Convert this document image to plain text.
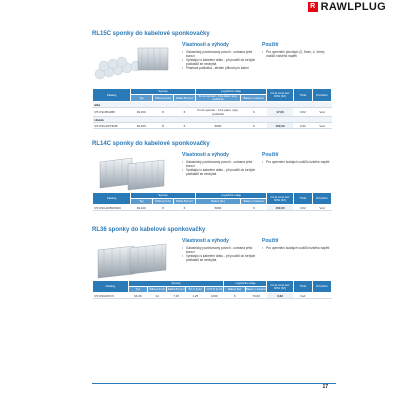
R RAWLPLUG
RL15C sponky do kabelové sponkovačky
Vlastnosti a výhody
• Galvanický pozinkovaný povrch - ochrana před korozí
• Vynikající s kabelem drátu - při použití do tvrdých podkladů se neohýbá
• Plastová podložka - ideální přilnutí pro kabel
Použití
• Pro upevnění plochých (2, 5mm, 4, 4mm) vodičů nízkého napětí
Katalog	Sponky			Logistické údaje		Cena za ks bez DPH [Kč]	Třída	Označení
	Typ	Šířka A [mm]	Délka B [mm]	Ks ks sponek - 0 ks plast. spoj. podložek	Balení v kartonu			
Bílá								
RT-KSO8/11BK	RL15C	8	6	Ks ks sponek - 0 ks plast. spoj. podložek	6	17,00	3,62	Vod
Hnědá								
RT-KSG16/T6HB	RL15C	8	6	5000	6	150,00	3,62	Vod
RL14C sponky do kabelové sponkovačky
Vlastnosti a výhody
• Galvanický pozinkovaný povrch - ochrana před korozí
• Vynikající s kabelem drátu - při použití do tvrdých podkladů se neohýbá
Použití
• Pro upevnění kulatých vodičů nízkého napětí
Katalog	Sponky			Logistické údaje		Cena za ks bez DPH [Kč]	Třída	Označení
	Typ	Šířka A [mm]	Délka B [mm]	Balení [ks]	Balení v kartonu			
RT-KSG16/BG5000	RL14C	8	6	5000	6	150,00	3,62	Vod
RL36 sponky do kabelové sponkovačky
Vlastnosti a výhody
• Galvanický pozinkovaný povrch - ochrana před korozí
• Vynikající s kabelem drátu - při použití do tvrdých podkladů se neohýbá
Použití
• Pro upevnění kulatých vodičů nízkého napětí
Katalog	Sponky					Logistické údaje		Cena za ks bez DPH [Kč]	Třída	Označení
	Typ	Šířka A [mm]	Délka B [mm]	Šíř C [mm]	Vnitř D [mm]	Balení [ks]	Balení v kartonu			
RT-KSG06/7/4	RL36	14	7,15	1,25	1000	6	70,00	3,62	Vod	
17
